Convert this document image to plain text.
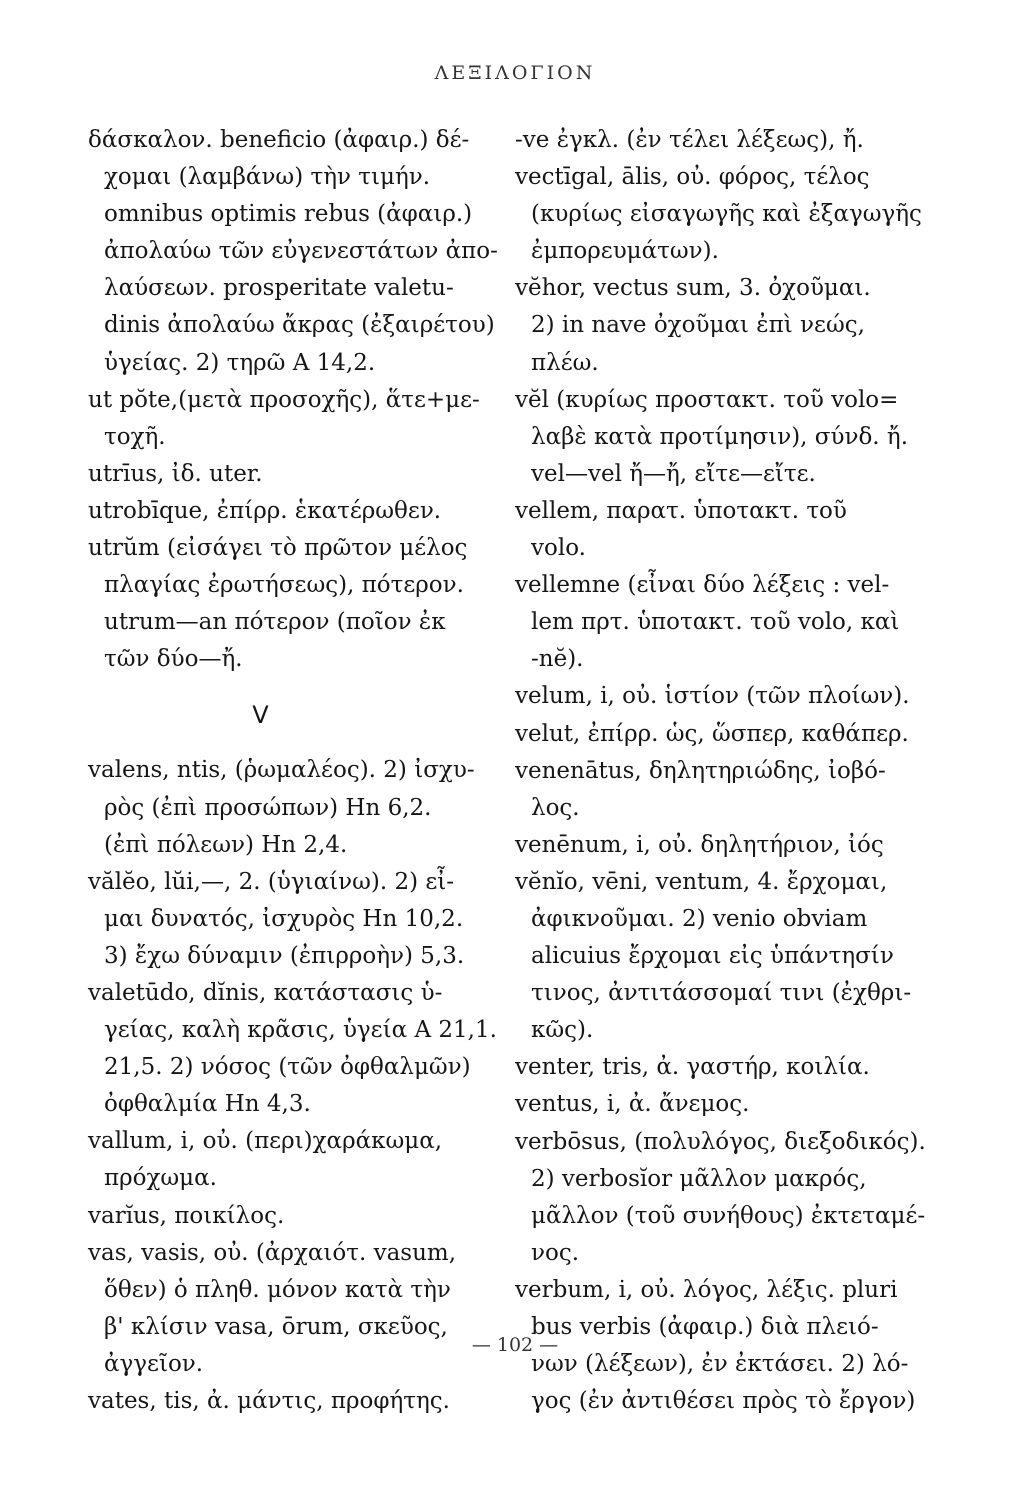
ΛΕΞΙΛΟΓΙΟΝ
δάσκαλον. beneficio (ἀφαιρ.) δέ-
χομαι (λαμβάνω) τὴν τιμήν.
omnibus optimis rebus (ἀφαιρ.)
ἀπολαύω τῶν εὐγενεστάτων ἀπο-
λαύσεων. prosperitate valetu-
dinis ἀπολαύω ἄκρας (ἐξαιρέτου)
ὑγείας. 2) τηρῶ Α 14,2.
ut pŏte,(μετὰ προσοχῆς), ἅτε+με-
τοχῆ.
utrīus, ἰδ. uter.
utrobīque, ἐπίρρ. ἑκατέρωθεν.
utrŭm (εἰσάγει τὸ πρῶτον μέλος
πλαγίας ἐρωτήσεως), πότερον.
utrum—an πότερον (ποῖον ἐκ
τῶν δύο—ἤ.
V
valens, ntis, (ῥωμαλέος). 2) ἰσχυ-
ρὸς (ἐπὶ προσώπων) Hn 6,2.
(ἐπὶ πόλεων) Hn 2,4.
vălĕo, lŭi,—, 2. (ὑγιαίνω). 2) εἶ-
μαι δυνατός, ἰσχυρὸς Hn 10,2.
3) ἔχω δύναμιν (ἐπιρροὴν) 5,3.
valetūdo, dĭnis, κατάστασις ὑ-
γείας, καλὴ κρᾶσις, ὑγεία Α 21,1.
21,5. 2) νόσος (τῶν ὀφθαλμῶν)
ὀφθαλμία Hn 4,3.
vallum, i, οὐ. (περι)χαράκωμα,
πρόχωμα.
varĭus, ποικίλος.
vas, vasis, οὐ. (ἀρχαιότ. vasum,
ὅθεν) ὁ πληθ. μόνον κατὰ τὴν
β' κλίσιν vasa, ōrum, σκεῦος,
ἀγγεῖον.
vates, tis, ἀ. μάντις, προφήτης.
-ve ἐγκλ. (ἐν τέλει λέξεως), ἤ.
vectīgal, ālis, οὐ. φόρος, τέλος
(κυρίως εἰσαγωγῆς καὶ ἐξαγωγῆς
ἐμπορευμάτων).
vĕhor, vectus sum, 3. ὀχοῦμαι.
2) in nave ὀχοῦμαι ἐπὶ νεώς,
πλέω.
vĕl (κυρίως προστακτ. τοῦ volo=
λαβὲ κατὰ προτίμησιν), σύνδ. ἤ.
vel—vel ἤ—ἤ, εἴτε—εἴτε.
vellem, παρατ. ὑποτακτ. τοῦ
volo.
vellemne (εἶναι δύο λέξεις : vel-
lem πρτ. ὑποτακτ. τοῦ volo, καὶ
-nĕ).
velum, i, οὐ. ἱστίον (τῶν πλοίων).
velut, ἐπίρρ. ὡς, ὥσπερ, καθάπερ.
venenātus, δηλητηριώδης, ἰοβό-
λος.
venēnum, i, οὐ. δηλητήριον, ἰός
vĕnĭo, vēni, ventum, 4. ἔρχομαι,
ἀφικνοῦμαι. 2) venio obviam
alicuius ἔρχομαι εἰς ὑπάντησίν
τινος, ἀντιτάσσομαί τινι (ἐχθρι-
κῶς).
venter, tris, ἀ. γαστήρ, κοιλία.
ventus, i, ἀ. ἄνεμος.
verbōsus, (πολυλόγος, διεξοδικός).
2) verbosĭor μᾶλλον μακρός,
μᾶλλον (τοῦ συνήθους) ἐκτεταμέ-
νος.
verbum, i, οὐ. λόγος, λέξις. pluri
bus verbis (ἀφαιρ.) διὰ πλειό-
νων (λέξεων), ἐν ἐκτάσει. 2) λό-
γος (ἐν ἀντιθέσει πρὸς τὸ ἔργον)
— 102 —
